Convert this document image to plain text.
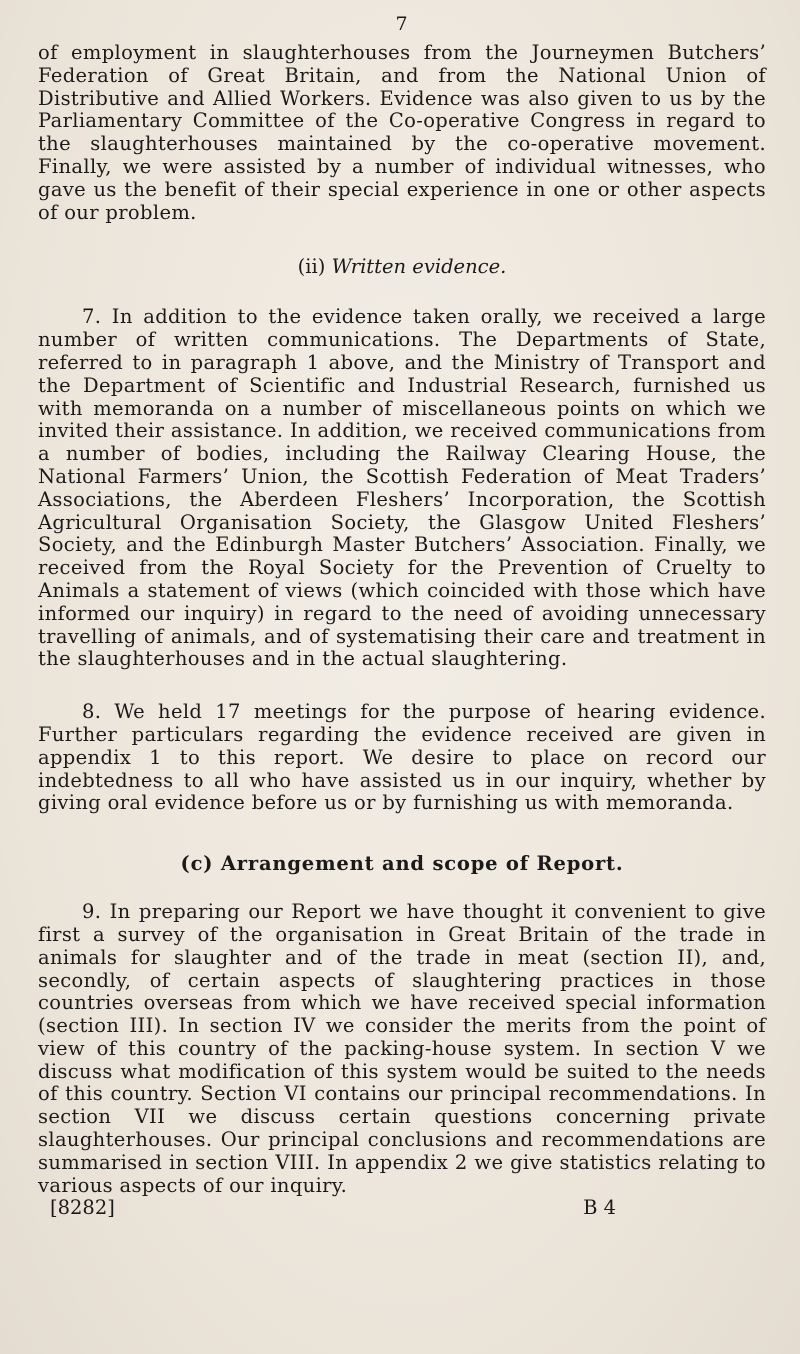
7

of employment in slaughterhouses from the Journeymen Butchers’ Federation of Great Britain, and from the National Union of Distributive and Allied Workers. Evidence was also given to us by the Parliamentary Committee of the Co-operative Congress in regard to the slaughterhouses maintained by the co-operative movement. Finally, we were assisted by a number of individual witnesses, who gave us the benefit of their special experience in one or other aspects of our problem.

(ii) Written evidence.

7. In addition to the evidence taken orally, we received a large number of written communications. The Departments of State, referred to in paragraph 1 above, and the Ministry of Transport and the Department of Scientific and Industrial Research, furnished us with memoranda on a number of miscellaneous points on which we invited their assistance. In addition, we received communications from a number of bodies, including the Railway Clearing House, the National Farmers’ Union, the Scottish Federation of Meat Traders’ Associations, the Aberdeen Fleshers’ Incorporation, the Scottish Agricultural Organisation Society, the Glasgow United Fleshers’ Society, and the Edinburgh Master Butchers’ Association. Finally, we received from the Royal Society for the Prevention of Cruelty to Animals a statement of views (which coincided with those which have informed our inquiry) in regard to the need of avoiding unnecessary travelling of animals, and of systematising their care and treatment in the slaughterhouses and in the actual slaughtering.

8. We held 17 meetings for the purpose of hearing evidence. Further particulars regarding the evidence received are given in appendix 1 to this report. We desire to place on record our indebtedness to all who have assisted us in our inquiry, whether by giving oral evidence before us or by furnishing us with memoranda.

(c) Arrangement and scope of Report.

9. In preparing our Report we have thought it convenient to give first a survey of the organisation in Great Britain of the trade in animals for slaughter and of the trade in meat (section II), and, secondly, of certain aspects of slaughtering practices in those countries overseas from which we have received special information (section III). In section IV we consider the merits from the point of view of this country of the packing-house system. In section V we discuss what modification of this system would be suited to the needs of this country. Section VI contains our principal recommendations. In section VII we discuss certain questions concerning private slaughterhouses. Our principal conclusions and recommendations are summarised in section VIII. In appendix 2 we give statistics relating to various aspects of our inquiry.

[8282]	B 4
